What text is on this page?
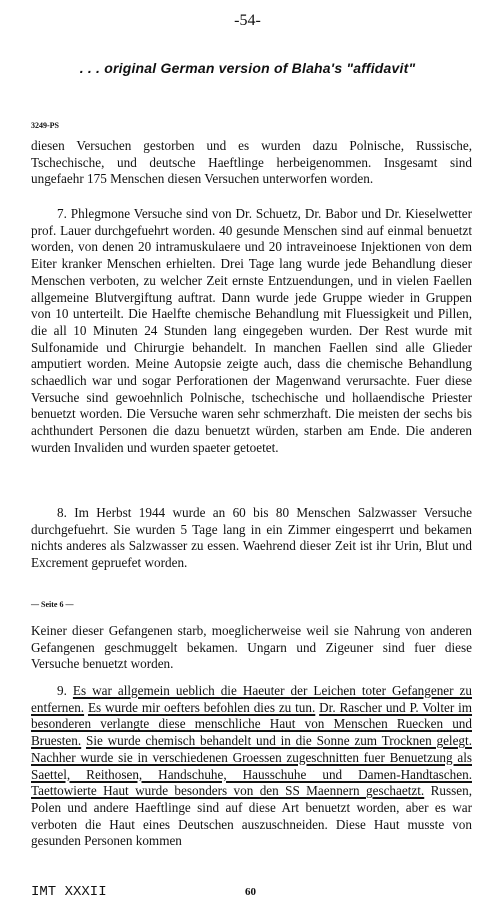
-54-
. . . original German version of Blaha's "affidavit"
3249-PS

diesen Versuchen gestorben und es wurden dazu Polnische, Russische, Tschechische, und deutsche Haeftlinge herbeigenommen. Insgesamt sind ungefaehr 175 Menschen diesen Versuchen unterworfen worden.

7. Phlegmone Versuche sind von Dr. Schuetz, Dr. Babor und Dr. Kieselwetter prof. Lauer durchgefuehrt worden. 40 gesunde Menschen sind auf einmal benuetzt worden, von denen 20 intramuskulaere und 20 intraveinoese Injektionen von dem Eiter kranker Menschen erhielten. Drei Tage lang wurde jede Behandlung dieser Menschen verboten, zu welcher Zeit ernste Entzuendungen, und in vielen Faellen allgemeine Blutvergiftung auftrat. Dann wurde jede Gruppe wieder in Gruppen von 10 unterteilt. Die Haelfte chemische Behandlung mit Fluessigkeit und Pillen, die all 10 Minuten 24 Stunden lang eingegeben wurden. Der Rest wurde mit Sulfonamide und Chirurgie behandelt. In manchen Faellen sind alle Glieder amputiert worden. Meine Autopsie zeigte auch, dass die chemische Behandlung schaedlich war und sogar Perforationen der Magenwand verursachte. Fuer diese Versuche sind gewoehnlich Polnische, tschechische und hollaendische Priester benuetzt worden. Die Versuche waren sehr schmerzhaft. Die meisten der sechs bis achthundert Personen die dazu benuetzt würden, starben am Ende. Die anderen wurden Invaliden und wurden spaeter getoetet.

8. Im Herbst 1944 wurde an 60 bis 80 Menschen Salzwasser Versuche durchgefuehrt. Sie wurden 5 Tage lang in ein Zimmer eingesperrt und bekamen nichts anderes als Salzwasser zu essen. Waehrend dieser Zeit ist ihr Urin, Blut und Excrement gepruefet worden.

— Seite 6 —

Keiner dieser Gefangenen starb, moeglicherweise weil sie Nahrung von anderen Gefangenen geschmuggelt bekamen. Ungarn und Zigeuner sind fuer diese Versuche benuetzt worden.

9. Es war allgemein ueblich die Haeuter der Leichen toter Gefangener zu entfernen. Es wurde mir oefters befohlen dies zu tun. Dr. Rascher und P. Volter im besonderen verlangte diese menschliche Haut von Menschen Ruecken und Bruesten. Sie wurde chemisch behandelt und in die Sonne zum Trocknen gelegt. Nachher wurde sie in verschiedenen Groessen zugeschnitten fuer Benuetzung als Saettel, Reithosen, Handschuhe, Hausschuhe und Damen-Handtaschen. Taettowierte Haut wurde besonders von den SS Maennern geschaetzt. Russen, Polen und andere Haeftlinge sind auf diese Art benuetzt worden, aber es war verboten die Haut eines Deutschen auszuschneiden. Diese Haut musste von gesunden Personen kommen

IMT XXXII	60
